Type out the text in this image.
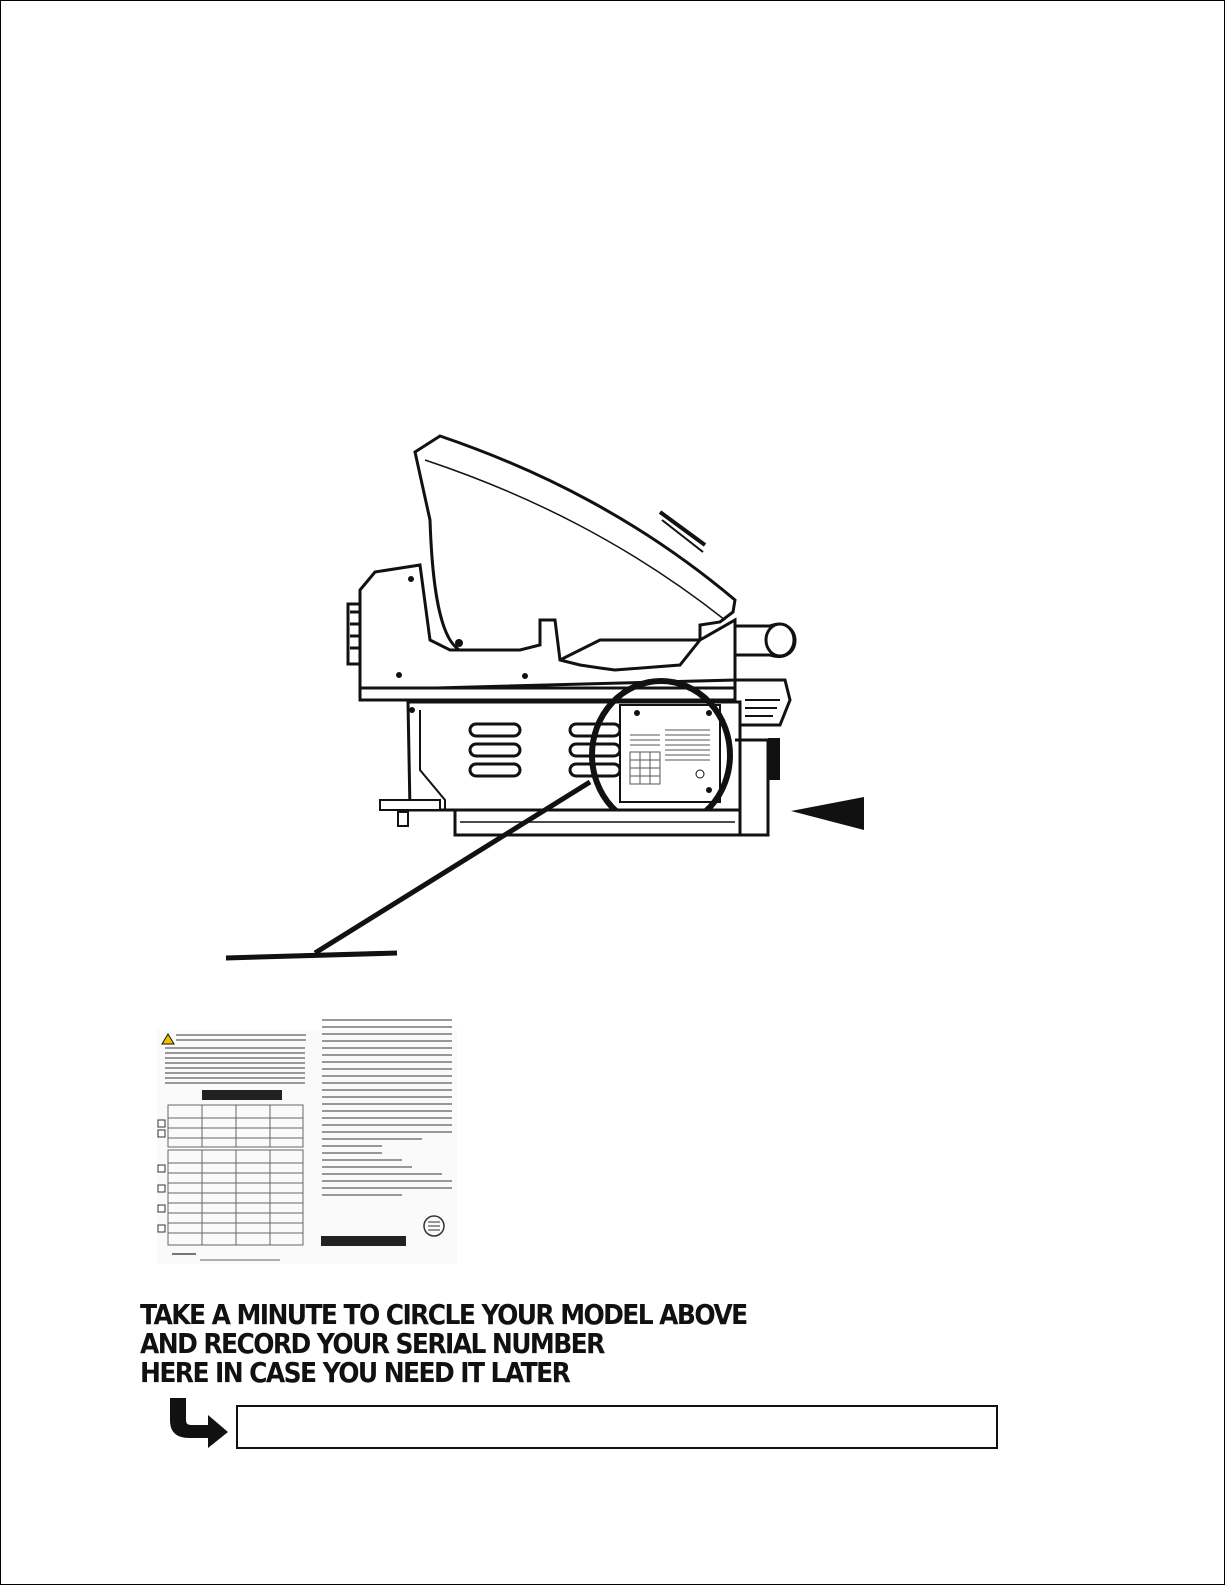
TAKE A MINUTE TO CIRCLE YOUR MODEL ABOVE
AND RECORD YOUR SERIAL NUMBER
HERE IN CASE YOU NEED IT LATER
